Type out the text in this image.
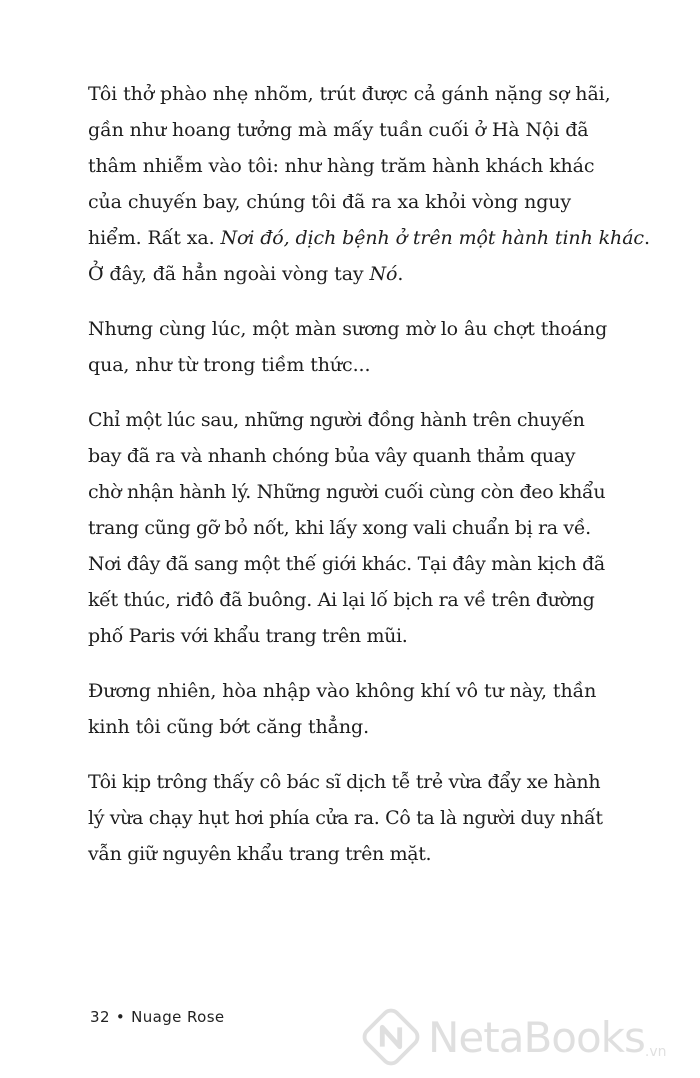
Tôi thở phào nhẹ nhõm, trút được cả gánh nặng sợ hãi,
gần như hoang tưởng mà mấy tuần cuối ở Hà Nội đã
thâm nhiễm vào tôi: như hàng trăm hành khách khác
của chuyến bay, chúng tôi đã ra xa khỏi vòng nguy
hiểm. Rất xa. Nơi đó, dịch bệnh ở trên một hành tinh khác.
Ở đây, đã hẳn ngoài vòng tay Nó.

Nhưng cùng lúc, một màn sương mờ lo âu chợt thoáng
qua, như từ trong tiềm thức...

Chỉ một lúc sau, những người đồng hành trên chuyến
bay đã ra và nhanh chóng bủa vây quanh thảm quay
chờ nhận hành lý. Những người cuối cùng còn đeo khẩu
trang cũng gỡ bỏ nốt, khi lấy xong vali chuẩn bị ra về.
Nơi đây đã sang một thế giới khác. Tại đây màn kịch đã
kết thúc, riđô đã buông. Ai lại lố bịch ra về trên đường
phố Paris với khẩu trang trên mũi.

Đương nhiên, hòa nhập vào không khí vô tư này, thần
kinh tôi cũng bớt căng thẳng.

Tôi kịp trông thấy cô bác sĩ dịch tễ trẻ vừa đẩy xe hành
lý vừa chạy hụt hơi phía cửa ra. Cô ta là người duy nhất
vẫn giữ nguyên khẩu trang trên mặt.

32 • Nuage Rose	NetaBooks .vn
